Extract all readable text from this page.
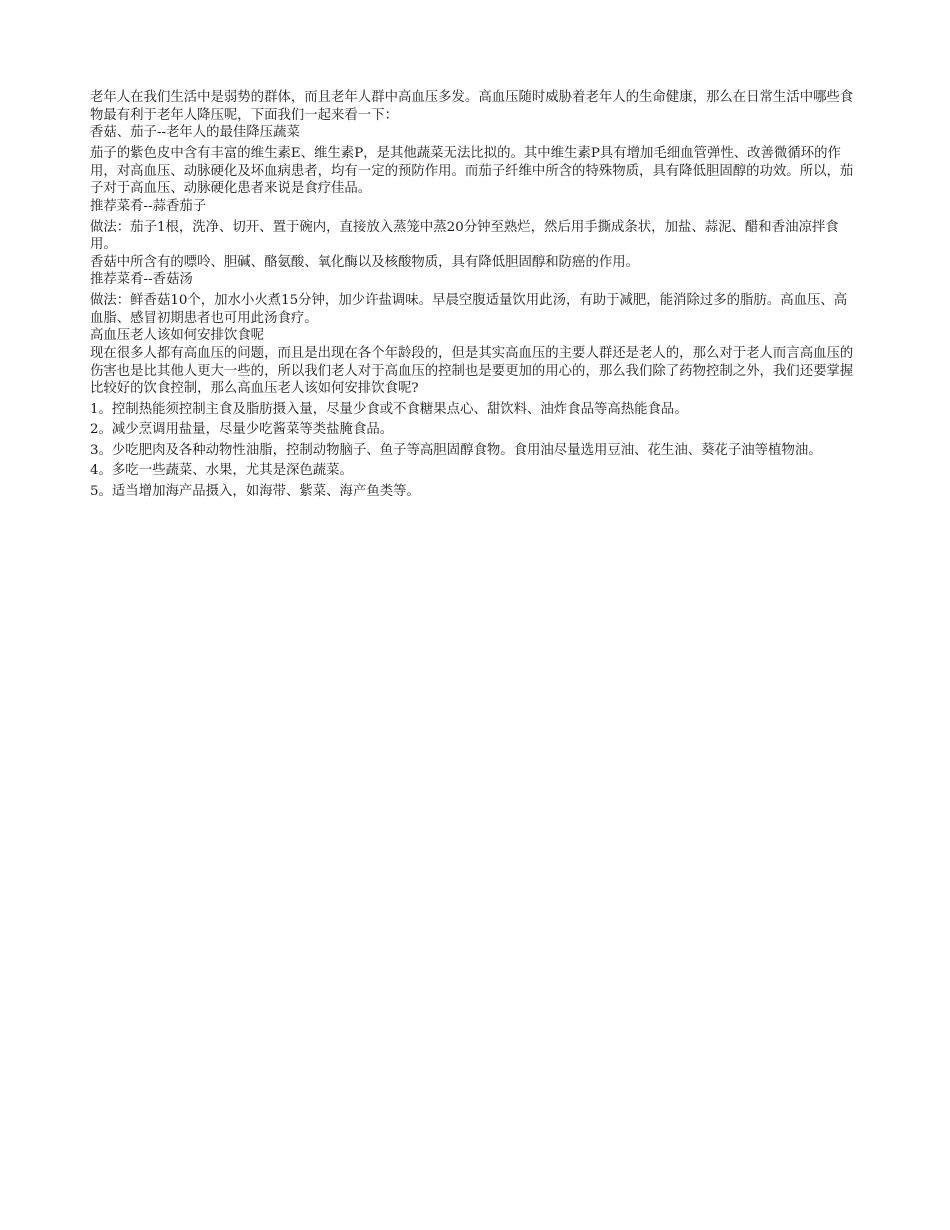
老年人在我们生活中是弱势的群体，而且老年人群中高血压多发。高血压随时威胁着老年人的生命健康，那么在日常生活中哪些食物最有利于老年人降压呢，下面我们一起来看一下：

香菇、茄子--老年人的最佳降压蔬菜

茄子的紫色皮中含有丰富的维生素E、维生素P，是其他蔬菜无法比拟的。其中维生素P具有增加毛细血管弹性、改善微循环的作用，对高血压、动脉硬化及坏血病患者，均有一定的预防作用。而茄子纤维中所含的特殊物质，具有降低胆固醇的功效。所以，茄子对于高血压、动脉硬化患者来说是食疗佳品。

推荐菜肴--蒜香茄子

做法：茄子1根，洗净、切开、置于碗内，直接放入蒸笼中蒸20分钟至熟烂，然后用手撕成条状，加盐、蒜泥、醋和香油凉拌食用。

香菇中所含有的嘌呤、胆碱、酪氨酸、氧化酶以及核酸物质，具有降低胆固醇和防癌的作用。

推荐菜肴--香菇汤

做法：鲜香菇10个，加水小火煮15分钟，加少许盐调味。早晨空腹适量饮用此汤，有助于减肥，能消除过多的脂肪。高血压、高血脂、感冒初期患者也可用此汤食疗。

高血压老人该如何安排饮食呢

现在很多人都有高血压的问题，而且是出现在各个年龄段的，但是其实高血压的主要人群还是老人的，那么对于老人而言高血压的伤害也是比其他人更大一些的，所以我们老人对于高血压的控制也是要更加的用心的，那么我们除了药物控制之外，我们还要掌握比较好的饮食控制，那么高血压老人该如何安排饮食呢?

1。控制热能须控制主食及脂肪摄入量，尽量少食或不食糖果点心、甜饮料、油炸食品等高热能食品。

2。减少烹调用盐量，尽量少吃酱菜等类盐腌食品。

3。少吃肥肉及各种动物性油脂，控制动物脑子、鱼子等高胆固醇食物。食用油尽量选用豆油、花生油、葵花子油等植物油。

4。多吃一些蔬菜、水果，尤其是深色蔬菜。

5。适当增加海产品摄入，如海带、紫菜、海产鱼类等。
